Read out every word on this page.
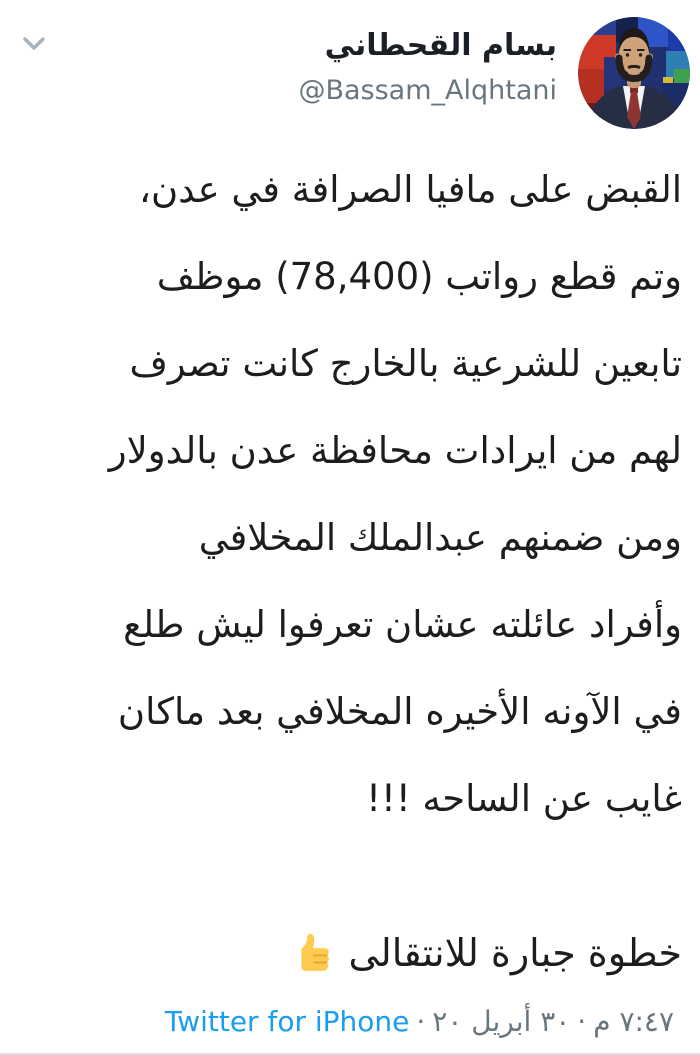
بسام القحطاني
@Bassam_Alqhtani
القبض على مافيا الصرافة في عدن،
وتم قطع رواتب (78,400) موظف
تابعين للشرعية بالخارج كانت تصرف
لهم من ايرادات محافظة عدن بالدولار
ومن ضمنهم عبدالملك المخلافي
وأفراد عائلته عشان تعرفوا ليش طلع
في الآونه الأخيره المخلافي بعد ماكان
غايب عن الساحه !!!
خطوة جبارة للانتقالى
٧:٤٧ م·٣٠ أبريل ٢٠·Twitter for iPhone
